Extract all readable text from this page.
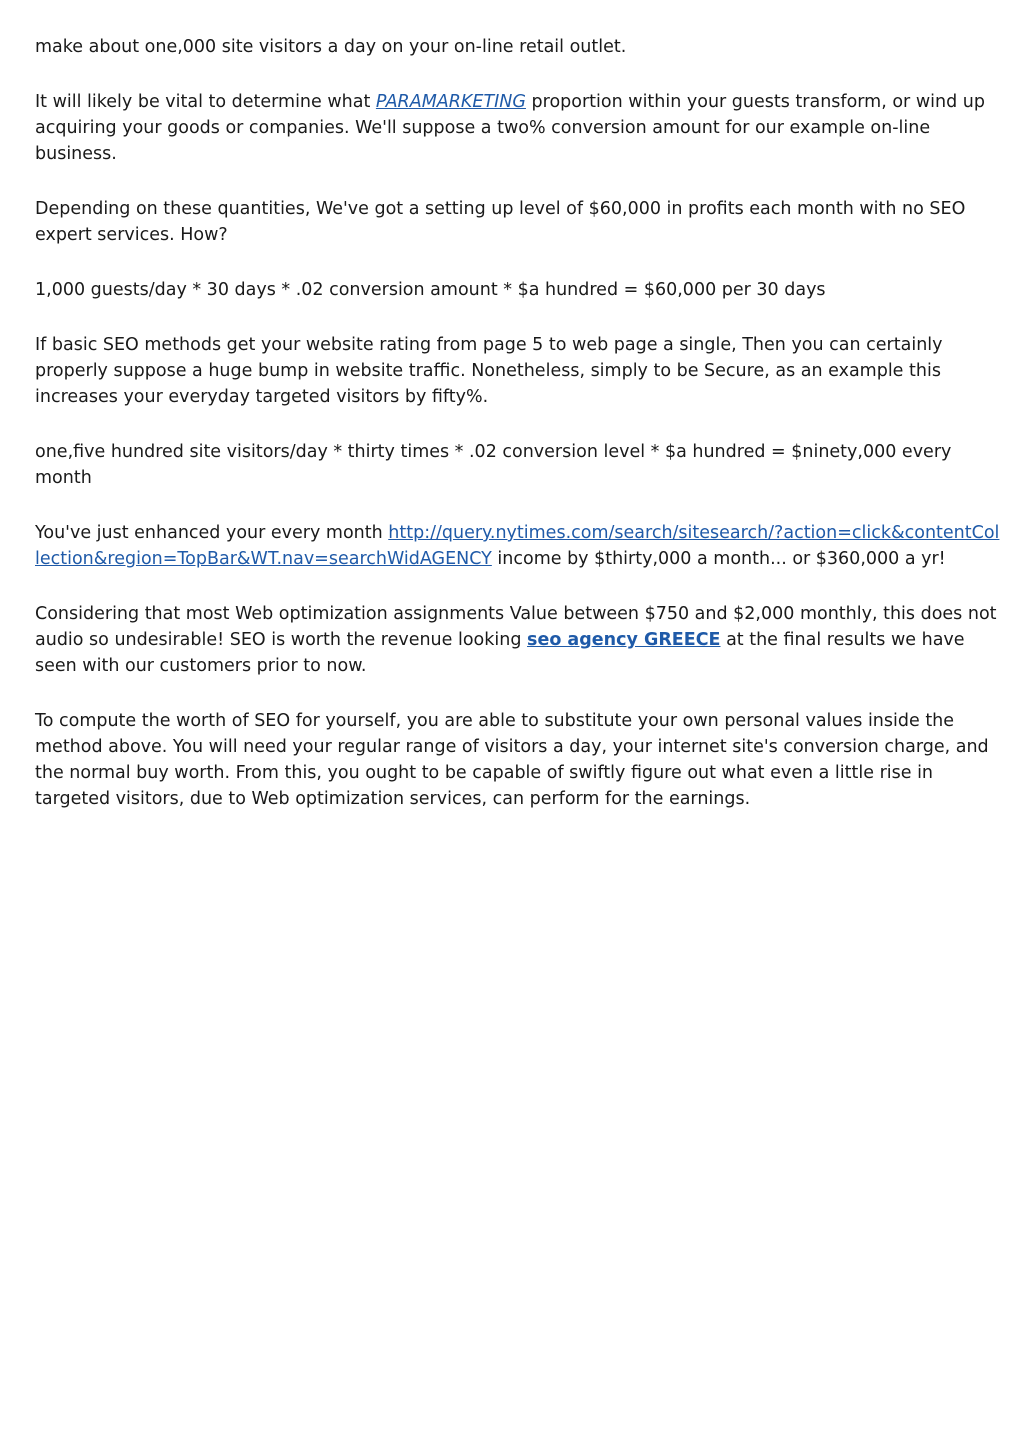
make about one,000 site visitors a day on your on-line retail outlet.

It will likely be vital to determine what PARAMARKETING proportion within your guests transform, or wind up acquiring your goods or companies. We'll suppose a two% conversion amount for our example on-line business.

Depending on these quantities, We've got a setting up level of $60,000 in profits each month with no SEO expert services. How?

1,000 guests/day * 30 days * .02 conversion amount * $a hundred = $60,000 per 30 days

If basic SEO methods get your website rating from page 5 to web page a single, Then you can certainly properly suppose a huge bump in website traffic. Nonetheless, simply to be Secure, as an example this increases your everyday targeted visitors by fifty%.

one,five hundred site visitors/day * thirty times * .02 conversion level * $a hundred = $ninety,000 every month

You've just enhanced your every month http://query.nytimes.com/search/sitesearch/?action=click&contentCollection&region=TopBar&WT.nav=searchWidAGENCY income by $thirty,000 a month... or $360,000 a yr!

Considering that most Web optimization assignments Value between $750 and $2,000 monthly, this does not audio so undesirable! SEO is worth the revenue looking seo agency GREECE at the final results we have seen with our customers prior to now.

To compute the worth of SEO for yourself, you are able to substitute your own personal values inside the method above. You will need your regular range of visitors a day, your internet site's conversion charge, and the normal buy worth. From this, you ought to be capable of swiftly figure out what even a little rise in targeted visitors, due to Web optimization services, can perform for the earnings.
